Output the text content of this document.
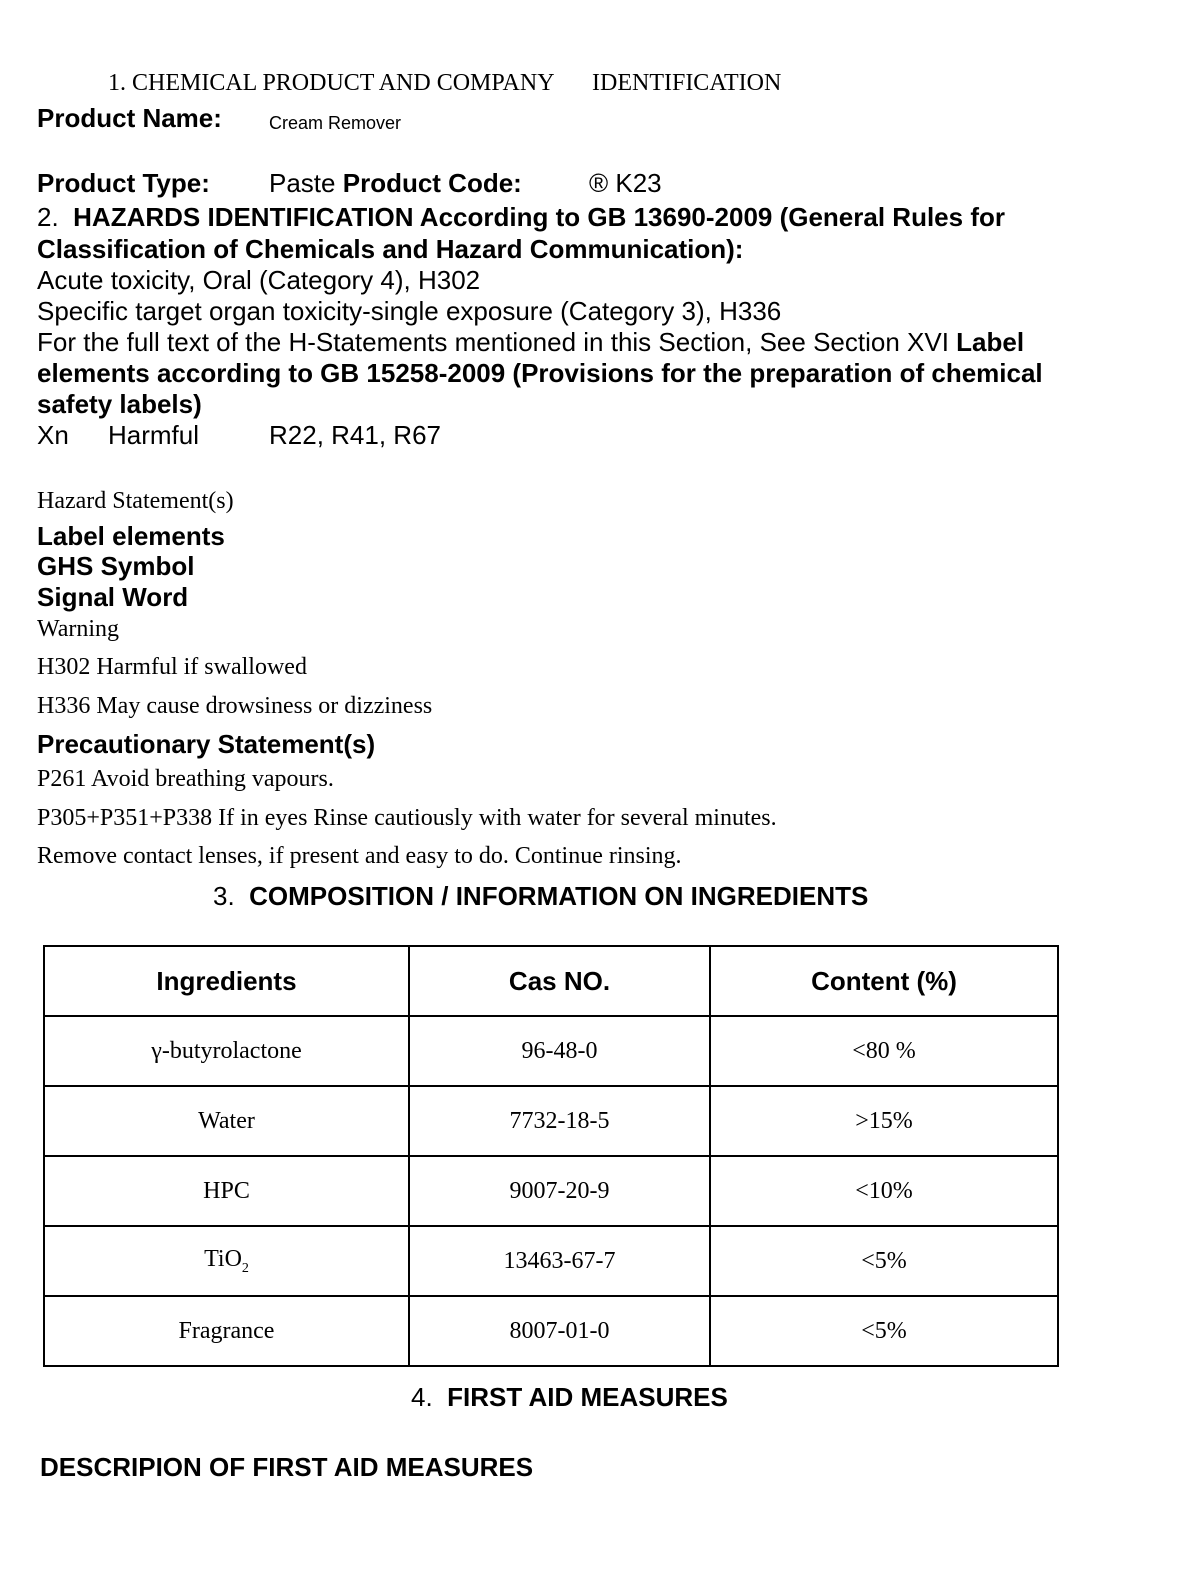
1. CHEMICAL PRODUCT AND COMPANY IDENTIFICATION
Product Name:	Cream Remover
Product Type: Paste Product Code:	® K23
2. HAZARDS IDENTIFICATION According to GB 13690-2009 (General Rules for
Classification of Chemicals and Hazard Communication):
Acute toxicity, Oral (Category 4), H302
Specific target organ toxicity-single exposure (Category 3), H336
For the full text of the H-Statements mentioned in this Section, See Section XVI Label
elements according to GB 15258-2009 (Provisions for the preparation of chemical
safety labels)
Xn Harmful	R22, R41, R67
Hazard Statement(s)
Label elements
GHS Symbol
Signal Word
Warning
H302 Harmful if swallowed
H336 May cause drowsiness or dizziness
Precautionary Statement(s)
P261 Avoid breathing vapours.
P305+P351+P338 If in eyes Rinse cautiously with water for several minutes.
Remove contact lenses, if present and easy to do. Continue rinsing.
3. COMPOSITION / INFORMATION ON INGREDIENTS
Ingredients	Cas NO.	Content (%)
γ-butyrolactone	96-48-0	<80 %
Water	7732-18-5	>15%
HPC	9007-20-9	<10%
TiO$_2$	13463-67-7	<5%
Fragrance	8007-01-0	<5%
4. FIRST AID MEASURES
DESCRIPION OF FIRST AID MEASURES
